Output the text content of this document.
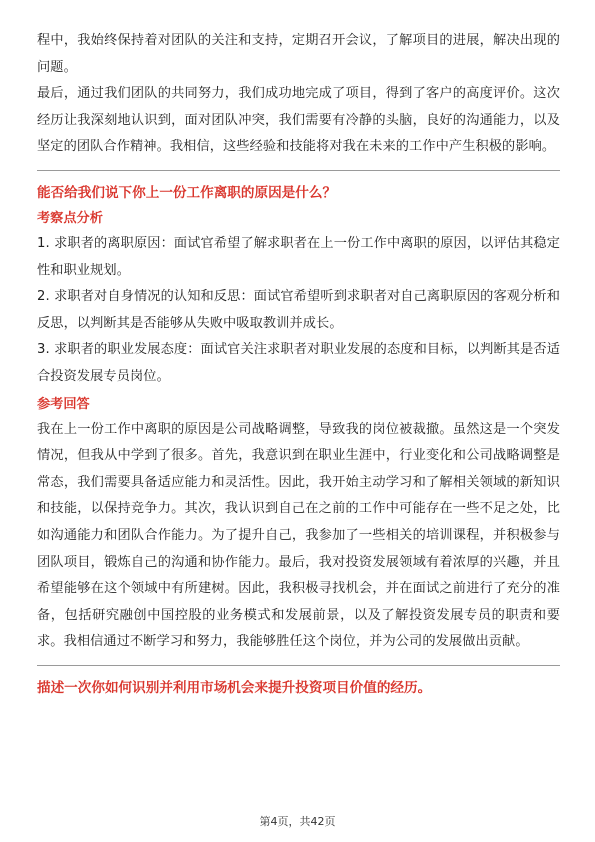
程中，我始终保持着对团队的关注和支持，定期召开会议，了解项目的进展，解决出现的问题。

最后，通过我们团队的共同努力，我们成功地完成了项目，得到了客户的高度评价。这次经历让我深刻地认识到，面对团队冲突，我们需要有冷静的头脑，良好的沟通能力，以及坚定的团队合作精神。我相信，这些经验和技能将对我在未来的工作中产生积极的影响。

能否给我们说下你上一份工作离职的原因是什么？

考察点分析

1. 求职者的离职原因：面试官希望了解求职者在上一份工作中离职的原因，以评估其稳定性和职业规划。
2. 求职者对自身情况的认知和反思：面试官希望听到求职者对自己离职原因的客观分析和反思，以判断其是否能够从失败中吸取教训并成长。
3. 求职者的职业发展态度：面试官关注求职者对职业发展的态度和目标，以判断其是否适合投资发展专员岗位。

参考回答

我在上一份工作中离职的原因是公司战略调整，导致我的岗位被裁撤。虽然这是一个突发情况，但我从中学到了很多。首先，我意识到在职业生涯中，行业变化和公司战略调整是常态，我们需要具备适应能力和灵活性。因此，我开始主动学习和了解相关领域的新知识和技能，以保持竞争力。其次，我认识到自己在之前的工作中可能存在一些不足之处，比如沟通能力和团队合作能力。为了提升自己，我参加了一些相关的培训课程，并积极参与团队项目，锻炼自己的沟通和协作能力。最后，我对投资发展领域有着浓厚的兴趣，并且希望能够在这个领域中有所建树。因此，我积极寻找机会，并在面试之前进行了充分的准备，包括研究融创中国控股的业务模式和发展前景，以及了解投资发展专员的职责和要求。我相信通过不断学习和努力，我能够胜任这个岗位，并为公司的发展做出贡献。

描述一次你如何识别并利用市场机会来提升投资项目价值的经历。

第4页，共42页
